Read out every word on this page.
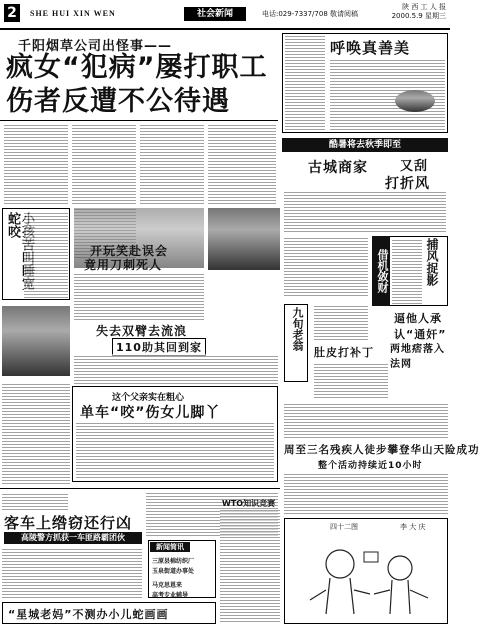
2	SHE HUI XIN WEN	社会新闻	电话:029-7337/708 敬请阅稿
陕 西 工 人 报
2000.5.9 星期三
千阳烟草公司出怪事——
疯女“犯病”屡打职工
伤者反遭不公待遇
呼唤真善美
酷暑将去秋季即至
古城商家 又刮
打折风
蛇咬
开玩笑赴误会
竟用刀刺死人
失去双臂去流浪
110助其回到家
借机敛财	捕风捉影
逼他人承认“通奸”
两地痞落入法网
九旬老翁
肚皮打补丁
这个父亲实在粗心
单车“咬”伤女儿脚丫
周至三名残疾人徒步攀登华山天险成功
整个活动持续近10小时
客车上绺窃还行凶
高陵警方抓获一车匪路霸团伙
“星城老妈”不测办小儿蛇画画
新闻简讯
三原县棉纺织厂
玉泉街道办事处
马克思恩来
高考专业辅导
WTO知识竞赛
四十二图	李 大 庆
